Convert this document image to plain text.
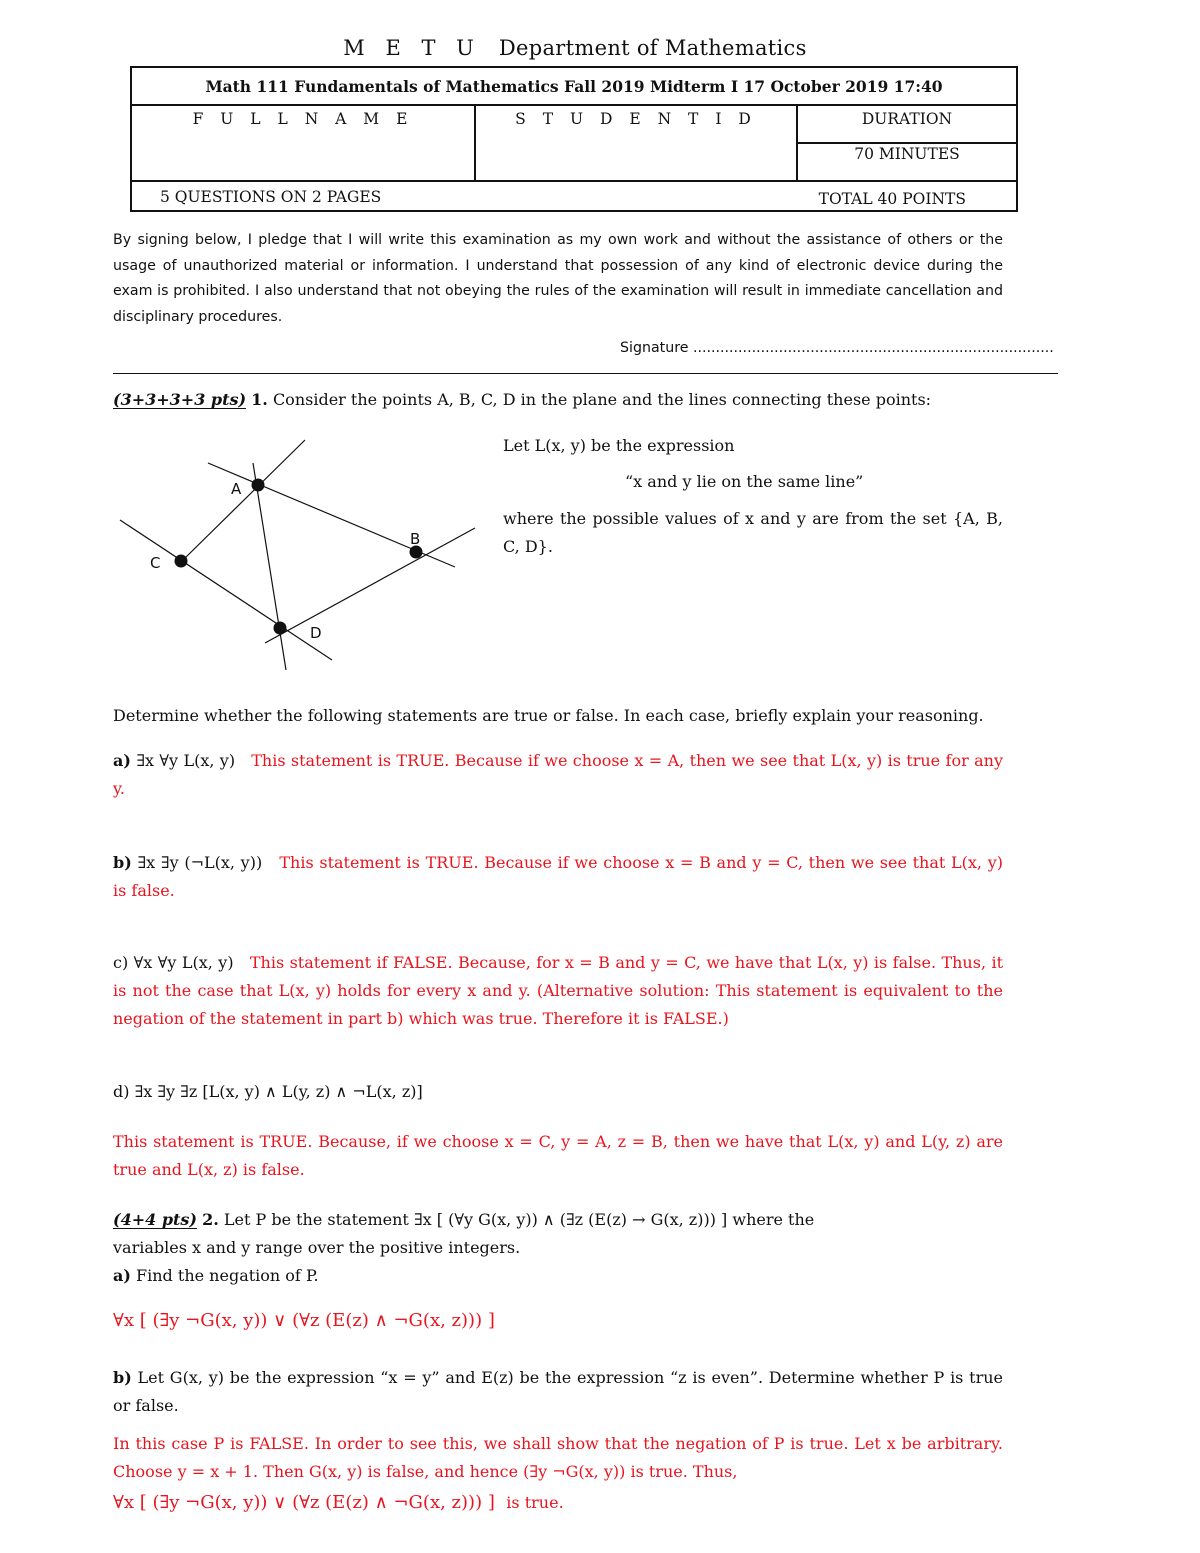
M E T U Department of Mathematics
Math 111 Fundamentals of Mathematics Fall 2019 Midterm I 17 October 2019 17:40
F U L L N A M E	S T U D E N T I D	DURATION
70 MINUTES
5 QUESTIONS ON 2 PAGES	TOTAL 40 POINTS
By signing below, I pledge that I will write this examination as my own work and without the assistance of others or the usage of unauthorized material or information. I understand that possession of any kind of electronic device during the exam is prohibited. I also understand that not obeying the rules of the examination will result in immediate cancellation and disciplinary procedures.
Signature ................................................................................
(3+3+3+3 pts) 1. Consider the points A, B, C, D in the plane and the lines connecting these points:
A
B
C
D
Let L(x, y) be the expression
“x and y lie on the same line”
where the possible values of x and y are from the set {A, B, C, D}.
Determine whether the following statements are true or false. In each case, briefly explain your reasoning.
a) ∃x ∀y L(x, y) This statement is TRUE. Because if we choose x = A, then we see that L(x, y) is true for any y.
b) ∃x ∃y (¬L(x, y)) This statement is TRUE. Because if we choose x = B and y = C, then we see that L(x, y) is false.
c) ∀x ∀y L(x, y) This statement if FALSE. Because, for x = B and y = C, we have that L(x, y) is false. Thus, it is not the case that L(x, y) holds for every x and y. (Alternative solution: This statement is equivalent to the negation of the statement in part b) which was true. Therefore it is FALSE.)
d) ∃x ∃y ∃z [L(x, y) ∧ L(y, z) ∧ ¬L(x, z)]
This statement is TRUE. Because, if we choose x = C, y = A, z = B, then we have that L(x, y) and L(y, z) are true and L(x, z) is false.
(4+4 pts) 2. Let P be the statement ∃x [ (∀y G(x, y)) ∧ (∃z (E(z) → G(x, z))) ] where the
variables x and y range over the positive integers.
a) Find the negation of P.
∀x [ (∃y ¬G(x, y)) ∨ (∀z (E(z) ∧ ¬G(x, z))) ]
b) Let G(x, y) be the expression “x = y” and E(z) be the expression “z is even”. Determine whether P is true or false.
In this case P is FALSE. In order to see this, we shall show that the negation of P is true. Let x be arbitrary. Choose y = x + 1. Then G(x, y) is false, and hence (∃y ¬G(x, y)) is true. Thus,
∀x [ (∃y ¬G(x, y)) ∨ (∀z (E(z) ∧ ¬G(x, z))) ] is true.
